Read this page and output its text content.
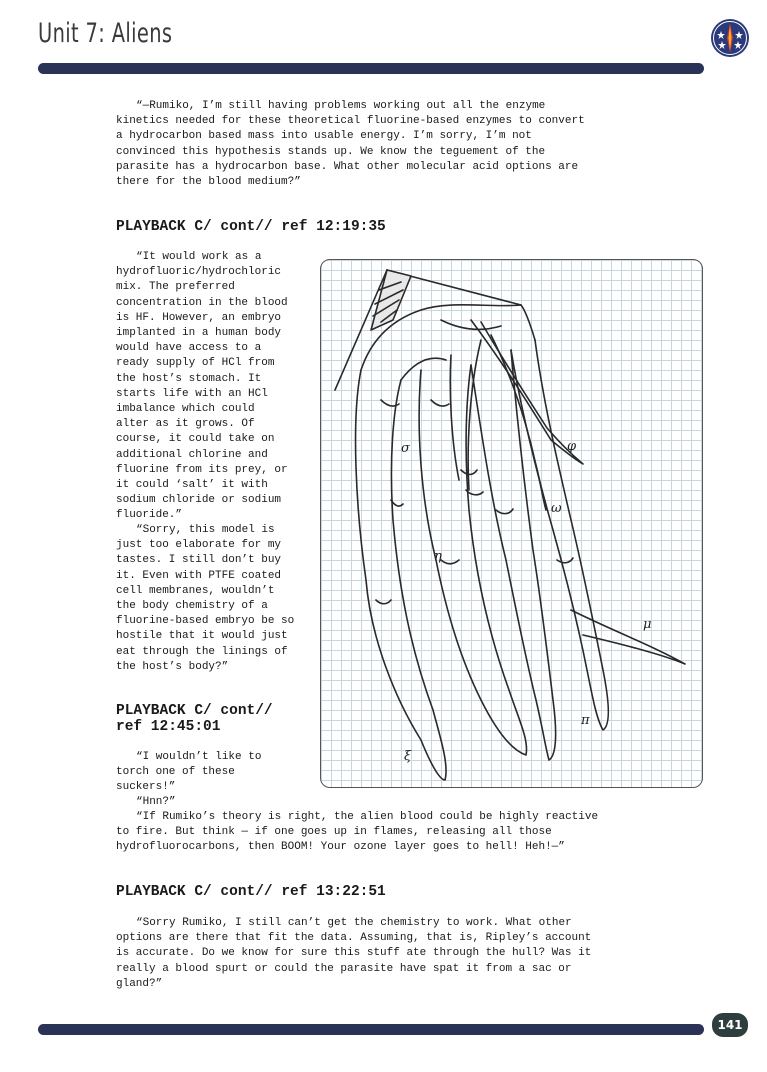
Unit 7: Aliens

“—Rumiko, I’m still having problems working out all the enzyme
kinetics needed for these theoretical fluorine-based enzymes to convert
a hydrocarbon based mass into usable energy. I’m sorry, I’m not
convinced this hypothesis stands up. We know the teguement of the
parasite has a hydrocarbon base. What other molecular acid options are
there for the blood medium?”

PLAYBACK C/ cont// ref 12:19:35

“It would work as a
hydrofluoric/hydrochloric
mix. The preferred
concentration in the blood
is HF. However, an embryo
implanted in a human body
would have access to a
ready supply of HCl from
the host’s stomach. It
starts life with an HCl
imbalance which could
alter as it grows. Of
course, it could take on
additional chlorine and
fluorine from its prey, or
it could ‘salt’ it with
sodium chloride or sodium
fluoride.”

“Sorry, this model is
just too elaborate for my
tastes. I still don’t buy
it. Even with PTFE coated
cell membranes, wouldn’t
the body chemistry of a
fluorine-based embryo be so
hostile that it would just
eat through the linings of
the host’s body?”

PLAYBACK C/ cont//
ref 12:45:01

“I wouldn’t like to
torch one of these
suckers!”

“Hnn?”

“If Rumiko’s theory is right, the alien blood could be highly reactive
to fire. But think — if one goes up in flames, releasing all those
hydrofluorocarbons, then BOOM! Your ozone layer goes to hell! Heh!—”

PLAYBACK C/ cont// ref 13:22:51

“Sorry Rumiko, I still can’t get the chemistry to work. What other
options are there that fit the data. Assuming, that is, Ripley’s account
is accurate. Do we know for sure this stuff ate through the hull? Was it
really a blood spurt or could the parasite have spat it from a sac or
gland?”

σ	φ
ω
η
μ
π
ξ
141
